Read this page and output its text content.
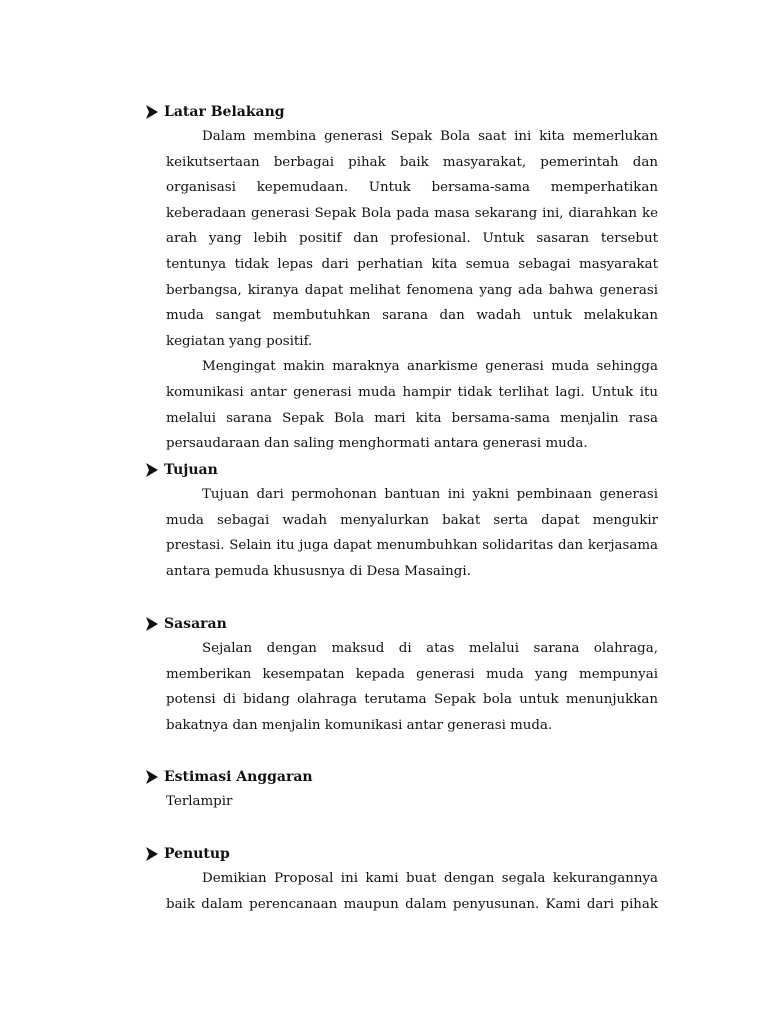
Latar Belakang

Dalam membina generasi Sepak Bola saat ini kita memerlukan keikutsertaan berbagai pihak baik masyarakat, pemerintah dan organisasi kepemudaan. Untuk bersama-sama memperhatikan keberadaan generasi Sepak Bola pada masa sekarang ini, diarahkan ke arah yang lebih positif dan profesional. Untuk sasaran tersebut tentunya tidak lepas dari perhatian kita semua sebagai masyarakat berbangsa, kiranya dapat melihat fenomena yang ada bahwa generasi muda sangat membutuhkan sarana dan wadah untuk melakukan kegiatan yang positif.

Mengingat makin maraknya anarkisme generasi muda sehingga komunikasi antar generasi muda hampir tidak terlihat lagi. Untuk itu melalui sarana Sepak Bola mari kita bersama-sama menjalin rasa persaudaraan dan saling menghormati antara generasi muda.

Tujuan

Tujuan dari permohonan bantuan ini yakni pembinaan generasi muda sebagai wadah menyalurkan bakat serta dapat mengukir prestasi. Selain itu juga dapat menumbuhkan solidaritas dan kerjasama antara pemuda khususnya di Desa Masaingi.

Sasaran

Sejalan dengan maksud di atas melalui sarana olahraga, memberikan kesempatan kepada generasi muda yang mempunyai potensi di bidang olahraga terutama Sepak bola untuk menunjukkan bakatnya dan menjalin komunikasi antar generasi muda.

Estimasi Anggaran

Terlampir

Penutup

Demikian Proposal ini kami buat dengan segala kekurangannya baik dalam perencanaan maupun dalam penyusunan. Kami dari pihak
